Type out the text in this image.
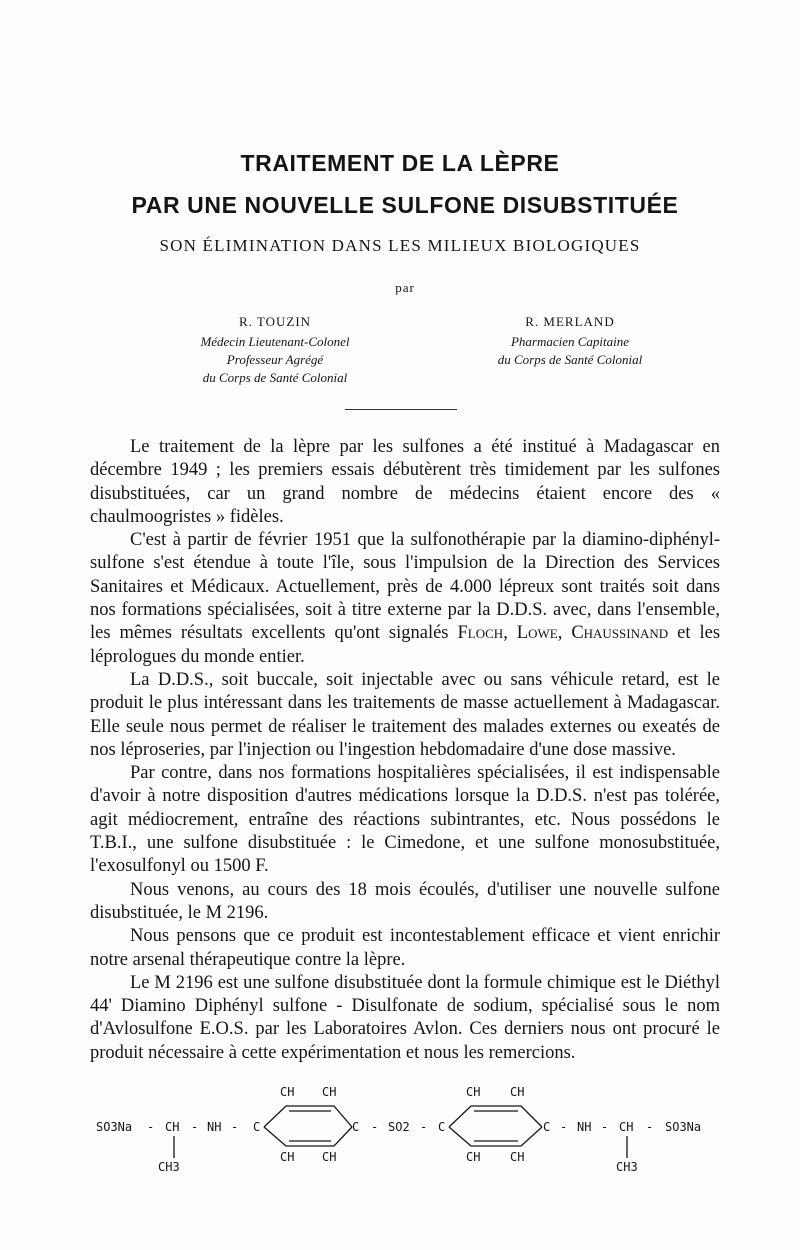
TRAITEMENT DE LA LÈPRE
PAR UNE NOUVELLE SULFONE DISUBSTITUÉE
SON ÉLIMINATION DANS LES MILIEUX BIOLOGIQUES
par
R. TOUZIN
Médecin Lieutenant-Colonel
Professeur Agrégé
du Corps de Santé Colonial
R. MERLAND
Pharmacien Capitaine
du Corps de Santé Colonial

Le traitement de la lèpre par les sulfones a été institué à Madagascar en décembre 1949 ; les premiers essais débutèrent très timidement par les sulfones disubstituées, car un grand nombre de médecins étaient encore des « chaulmoogristes » fidèles.

C'est à partir de février 1951 que la sulfonothérapie par la diamino-diphényl-sulfone s'est étendue à toute l'île, sous l'impulsion de la Direction des Services Sanitaires et Médicaux. Actuellement, près de 4.000 lépreux sont traités soit dans nos formations spécialisées, soit à titre externe par la D.D.S. avec, dans l'ensemble, les mêmes résultats excellents qu'ont signalés Floch, Lowe, Chaussinand et les léprologues du monde entier.

La D.D.S., soit buccale, soit injectable avec ou sans véhicule retard, est le produit le plus intéressant dans les traitements de masse actuellement à Madagascar. Elle seule nous permet de réaliser le traitement des malades externes ou exeatés de nos léproseries, par l'injection ou l'ingestion hebdomadaire d'une dose massive.

Par contre, dans nos formations hospitalières spécialisées, il est indispensable d'avoir à notre disposition d'autres médications lorsque la D.D.S. n'est pas tolérée, agit médiocrement, entraîne des réactions subintrantes, etc. Nous possédons le T.B.I., une sulfone disubstituée : le Cimedone, et une sulfone monosubstituée, l'exosulfonyl ou 1500 F.

Nous venons, au cours des 18 mois écoulés, d'utiliser une nouvelle sulfone disubstituée, le M 2196.

Nous pensons que ce produit est incontestablement efficace et vient enrichir notre arsenal thérapeutique contre la lèpre.

Le M 2196 est une sulfone disubstituée dont la formule chimique est le Diéthyl 44' Diamino Diphényl sulfone - Disulfonate de sodium, spécialisé sous le nom d'Avlosulfone E.O.S. par les Laboratoires Avlon. Ces derniers nous ont procuré le produit nécessaire à cette expérimentation et nous les remercions.

CH CH	CH CH
SO3Na - CH - NH - C	C - SO2 - C	C - NH - CH - SO3Na
CH CH	CH CH
CH3	CH3
